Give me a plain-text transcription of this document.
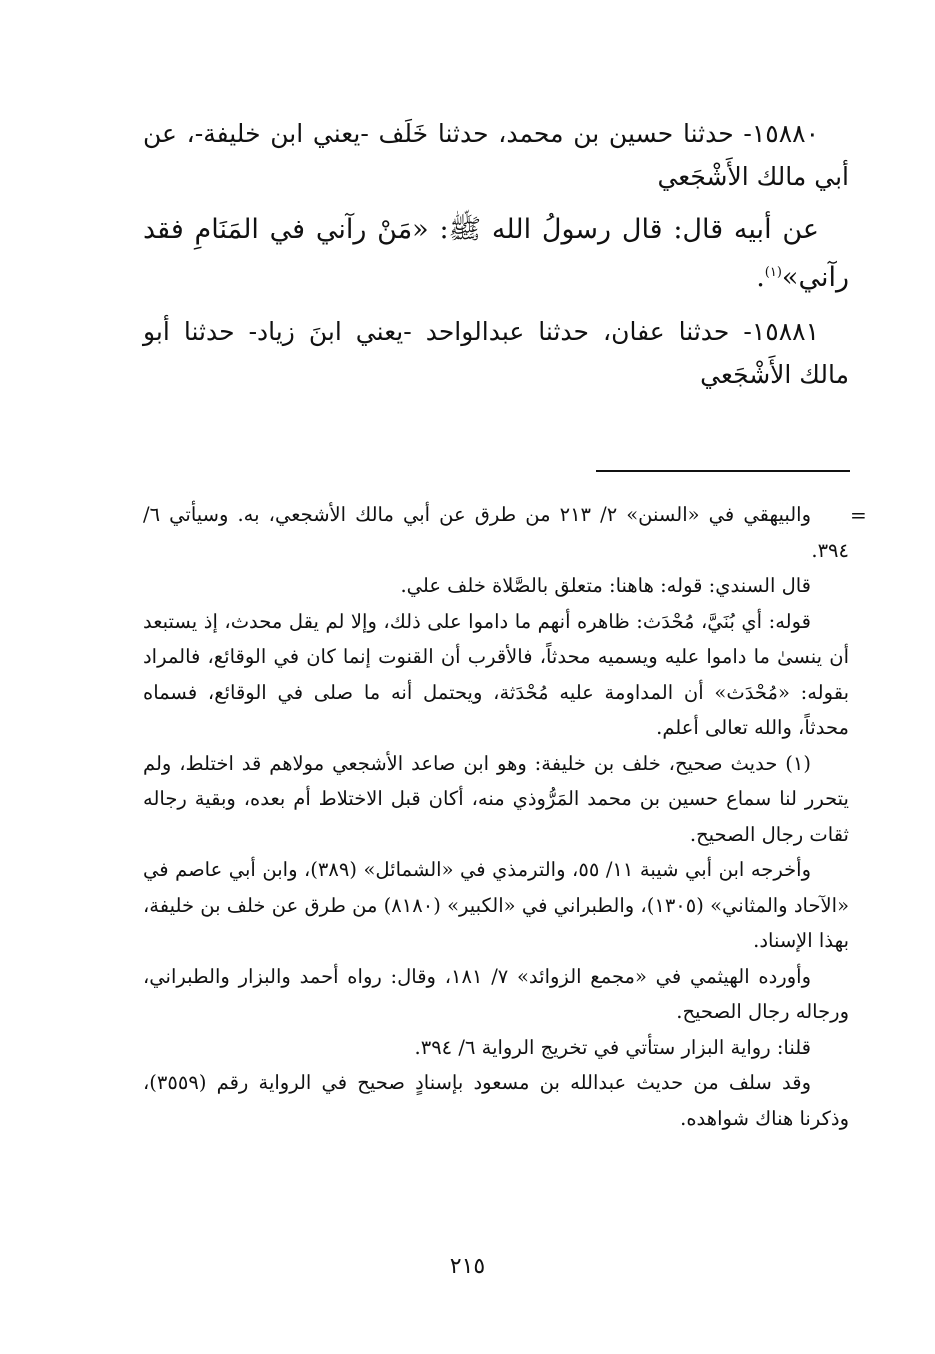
١٥٨٨٠- حدثنا حسين بن محمد، حدثنا خَلَف -يعني ابن خليفة-، عن أبي مالك الأَشْجَعي

عن أبيه قال: قال رسولُ الله ﷺ: «مَنْ رآني في المَنَامِ فقد رآني»$^{(١)}$.

١٥٨٨١- حدثنا عفان، حدثنا عبدالواحد -يعني ابنَ زياد- حدثنا أبو مالك الأَشْجَعي

=

والبيهقي في «السنن» ٢/ ٢١٣ من طرق عن أبي مالك الأشجعي، به. وسيأتي ٦/ ٣٩٤.

قال السندي: قوله: هاهنا: متعلق بالصَّلاة خلف علي.

قوله: أي بُنَيَّ، مُحْدَث: ظاهره أنهم ما داموا على ذلك، وإلا لم يقل محدث، إذ يستبعد أن ينسىٰ ما داموا عليه ويسميه محدثاً، فالأقرب أن القنوت إنما كان في الوقائع، فالمراد بقوله: «مُحْدَث» أن المداومة عليه مُحْدَثة، ويحتمل أنه ما صلى في الوقائع، فسماه محدثاً، والله تعالى أعلم.

(١) حديث صحيح، خلف بن خليفة: وهو ابن صاعد الأشجعي مولاهم قد اختلط، ولم يتحرر لنا سماع حسين بن محمد المَرُّوذي منه، أكان قبل الاختلاط أم بعده، وبقية رجاله ثقات رجال الصحيح.

وأخرجه ابن أبي شيبة ١١/ ٥٥، والترمذي في «الشمائل» (٣٨٩)، وابن أبي عاصم في «الآحاد والمثاني» (١٣٠٥)، والطبراني في «الكبير» (٨١٨٠) من طرق عن خلف بن خليفة، بهذا الإسناد.

وأورده الهيثمي في «مجمع الزوائد» ٧/ ١٨١، وقال: رواه أحمد والبزار والطبراني، ورجاله رجال الصحيح.

قلنا: رواية البزار ستأتي في تخريج الرواية ٦/ ٣٩٤.

وقد سلف من حديث عبدالله بن مسعود بإسنادٍ صحيح في الرواية رقم (٣٥٥٩)، وذكرنا هناك شواهده.

٢١٥
